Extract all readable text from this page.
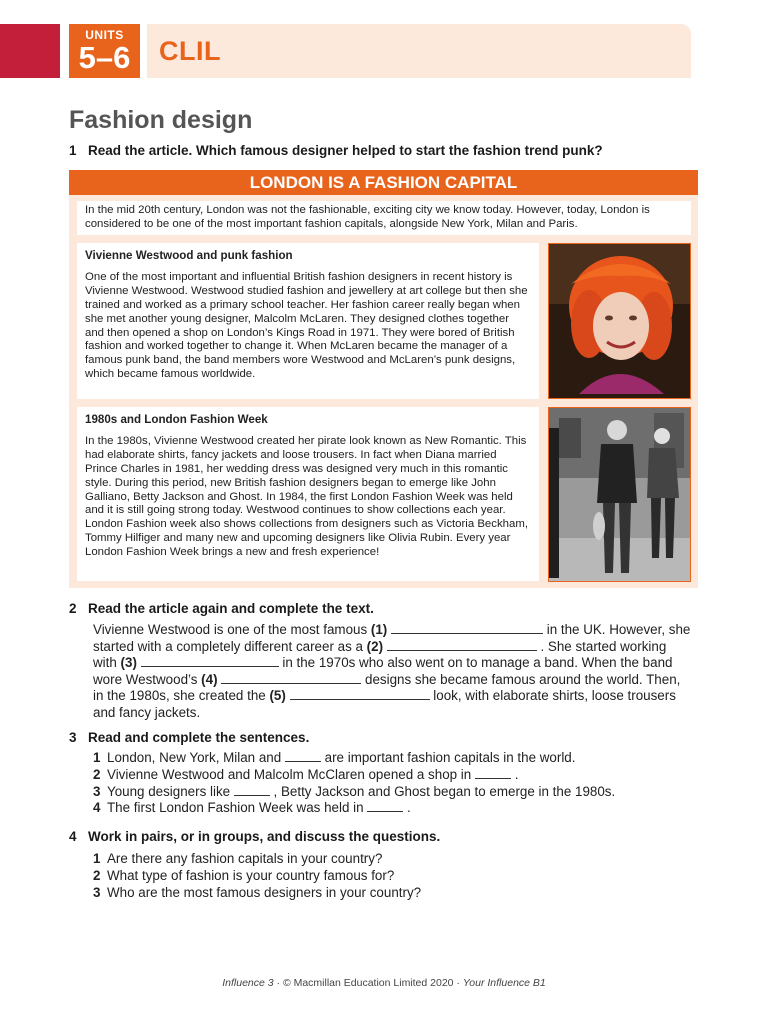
UNITS
5–6	CLIL
Fashion design
1 Read the article. Which famous designer helped to start the fashion trend punk?
LONDON IS A FASHION CAPITAL

In the mid 20th century, London was not the fashionable, exciting city we know today. However, today, London is considered to be one of the most important fashion capitals, alongside New York, Milan and Paris.

Vivienne Westwood and punk fashion

One of the most important and influential British fashion designers in recent history is Vivienne Westwood. Westwood studied fashion and jewellery at art college but then she trained and worked as a primary school teacher. Her fashion career really began when she met another young designer, Malcolm McLaren. They designed clothes together and then opened a shop on London’s Kings Road in 1971. They were bored of British fashion and worked together to change it. When McLaren became the manager of a famous punk band, the band members wore Westwood and McLaren’s punk designs, which became famous worldwide.

1980s and London Fashion Week

In the 1980s, Vivienne Westwood created her pirate look known as New Romantic. This had elaborate shirts, fancy jackets and loose trousers. In fact when Diana married Prince Charles in 1981, her wedding dress was designed very much in this romantic style. During this period, new British fashion designers began to emerge like John Galliano, Betty Jackson and Ghost. In 1984, the first London Fashion Week was held and it is still going strong today. Westwood continues to show collections each year. London Fashion week also shows collections from designers such as Victoria Beckham, Tommy Hilfiger and many new and upcoming designers like Olivia Rubin. Every year London Fashion Week brings a new and fresh experience!

2 Read the article again and complete the text.
Vivienne Westwood is one of the most famous (1)	in the UK. However, she started with a completely different career as a (2)	. She started working with (3)	in the 1970s who also went on to manage a band. When the band wore Westwood’s (4)	designs she became famous around the world. Then, in the 1980s, she created the (5)	look, with elaborate shirts, loose trousers and fancy jackets.
3 Read and complete the sentences.
1 London, New York, Milan and	are important fashion capitals in the world.
2 Vivienne Westwood and Malcolm McClaren opened a shop in	.
3 Young designers like	, Betty Jackson and Ghost began to emerge in the 1980s.
4 The first London Fashion Week was held in	.
4 Work in pairs, or in groups, and discuss the questions.
1 Are there any fashion capitals in your country?
2 What type of fashion is your country famous for?
3 Who are the most famous designers in your country?
Influence 3 · © Macmillan Education Limited 2020 · Your Influence B1
